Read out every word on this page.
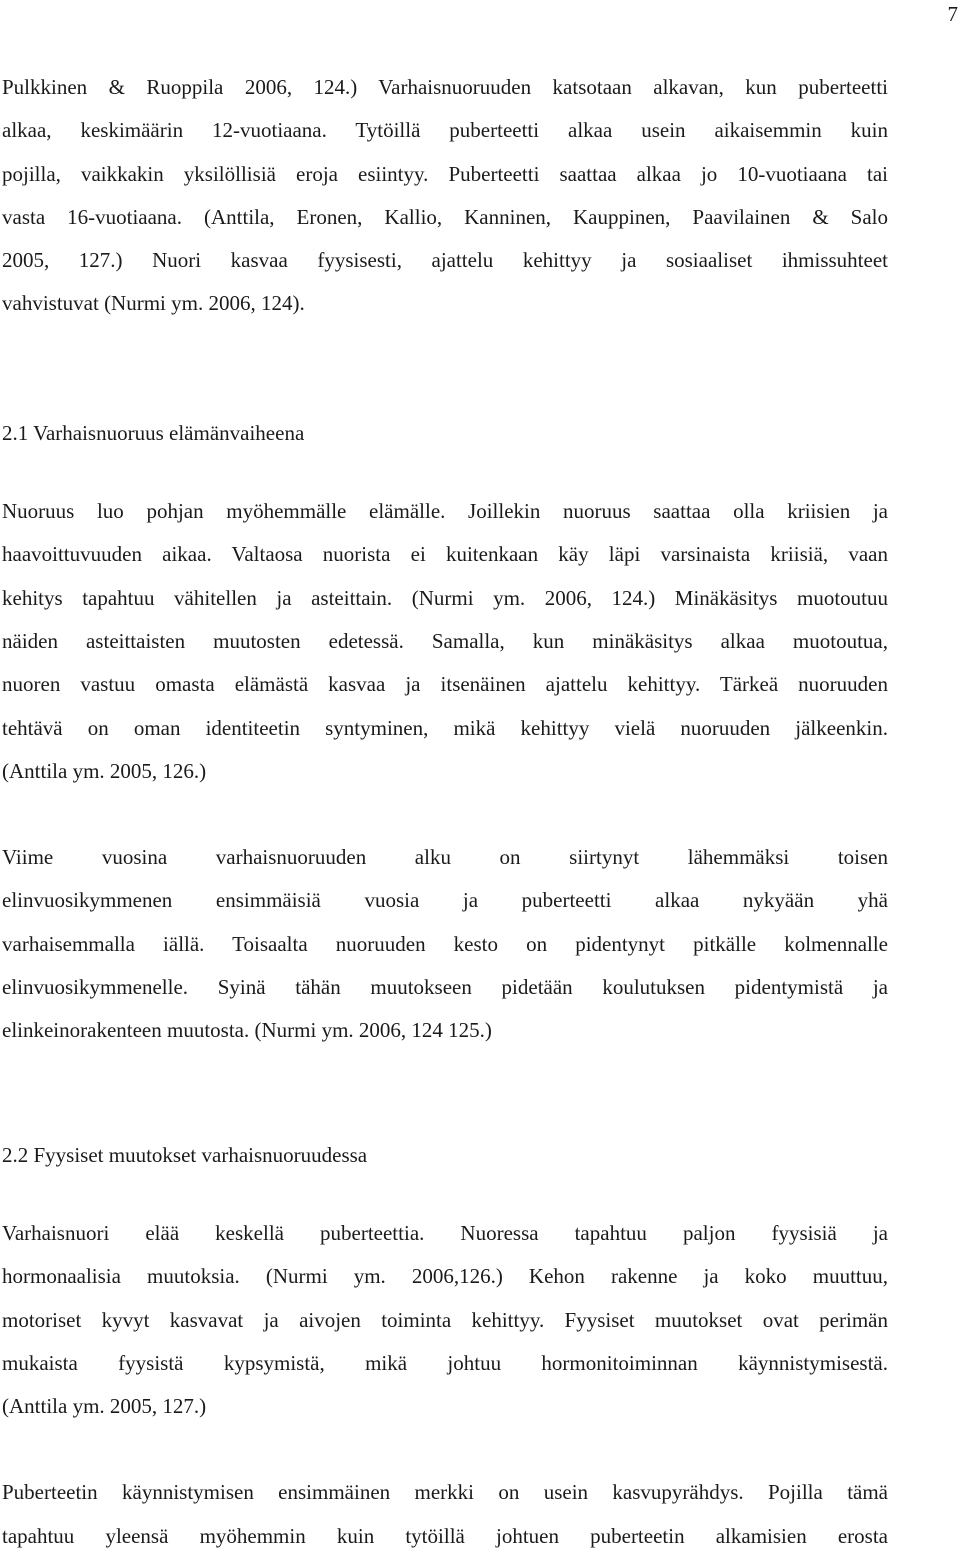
7

Pulkkinen & Ruoppila 2006, 124.) Varhaisnuoruuden katsotaan alkavan, kun puberteetti
alkaa, keskimäärin 12-vuotiaana. Tytöillä puberteetti alkaa usein aikaisemmin kuin
pojilla, vaikkakin yksilöllisiä eroja esiintyy. Puberteetti saattaa alkaa jo 10-vuotiaana tai
vasta 16-vuotiaana. (Anttila, Eronen, Kallio, Kanninen, Kauppinen, Paavilainen & Salo
2005, 127.) Nuori kasvaa fyysisesti, ajattelu kehittyy ja sosiaaliset ihmissuhteet
vahvistuvat (Nurmi ym. 2006, 124).

2.1 Varhaisnuoruus elämänvaiheena

Nuoruus luo pohjan myöhemmälle elämälle. Joillekin nuoruus saattaa olla kriisien ja
haavoittuvuuden aikaa. Valtaosa nuorista ei kuitenkaan käy läpi varsinaista kriisiä, vaan
kehitys tapahtuu vähitellen ja asteittain. (Nurmi ym. 2006, 124.) Minäkäsitys muotoutuu
näiden asteittaisten muutosten edetessä. Samalla, kun minäkäsitys alkaa muotoutua,
nuoren vastuu omasta elämästä kasvaa ja itsenäinen ajattelu kehittyy. Tärkeä nuoruuden
tehtävä on oman identiteetin syntyminen, mikä kehittyy vielä nuoruuden jälkeenkin.
(Anttila ym. 2005, 126.)

Viime vuosina varhaisnuoruuden alku on siirtynyt lähemmäksi toisen
elinvuosikymmenen ensimmäisiä vuosia ja puberteetti alkaa nykyään yhä
varhaisemmalla iällä. Toisaalta nuoruuden kesto on pidentynyt pitkälle kolmennalle
elinvuosikymmenelle. Syinä tähän muutokseen pidetään koulutuksen pidentymistä ja
elinkeinorakenteen muutosta. (Nurmi ym. 2006, 124 125.)

2.2 Fyysiset muutokset varhaisnuoruudessa

Varhaisnuori elää keskellä puberteettia. Nuoressa tapahtuu paljon fyysisiä ja
hormonaalisia muutoksia. (Nurmi ym. 2006,126.) Kehon rakenne ja koko muuttuu,
motoriset kyvyt kasvavat ja aivojen toiminta kehittyy. Fyysiset muutokset ovat perimän
mukaista fyysistä kypsymistä, mikä johtuu hormonitoiminnan käynnistymisestä.
(Anttila ym. 2005, 127.)

Puberteetin käynnistymisen ensimmäinen merkki on usein kasvupyrähdys. Pojilla tämä
tapahtuu yleensä myöhemmin kuin tytöillä johtuen puberteetin alkamisien erosta
